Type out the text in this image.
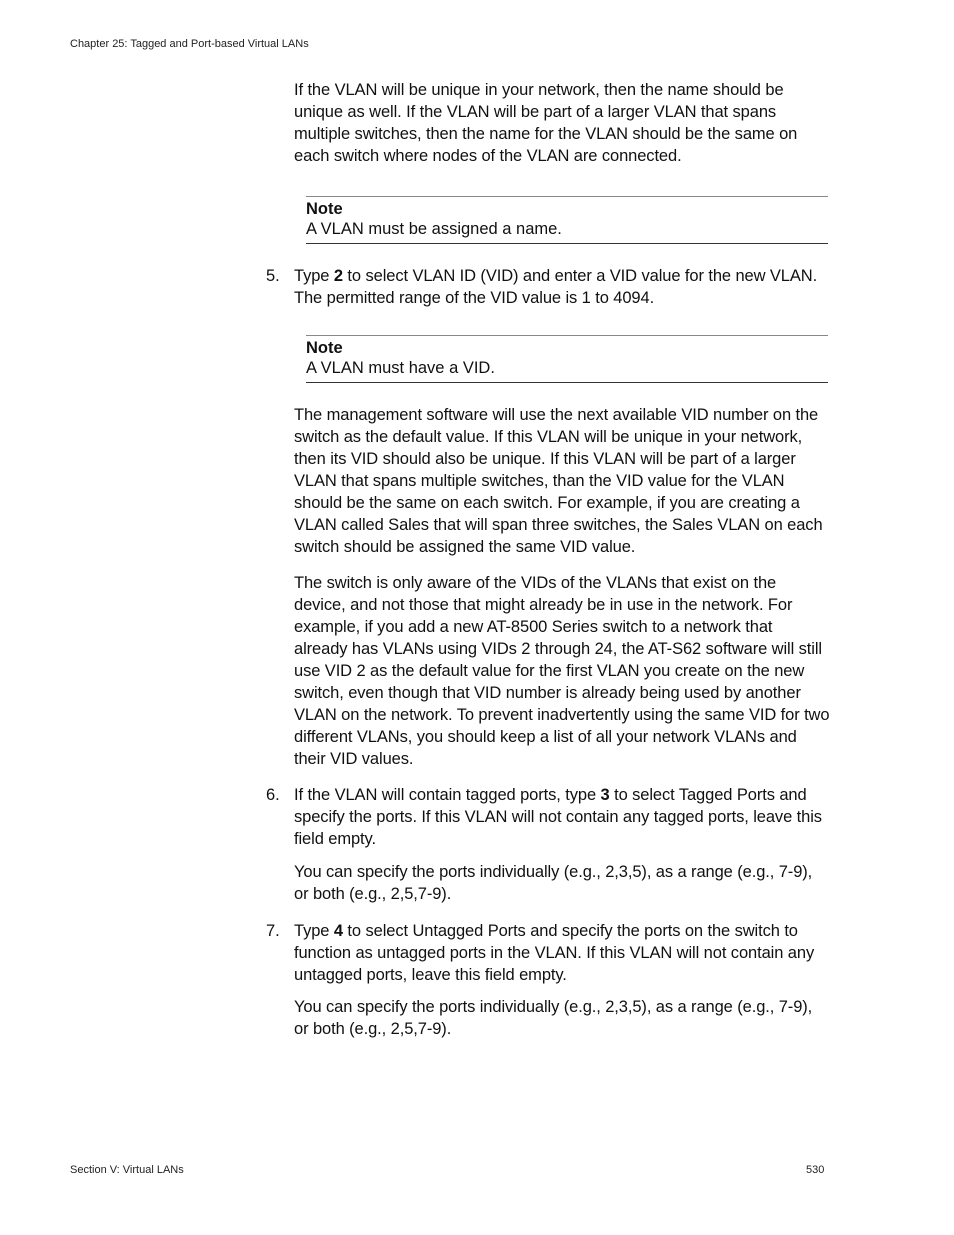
Chapter 25: Tagged and Port-based Virtual LANs

If the VLAN will be unique in your network, then the name should be unique as well. If the VLAN will be part of a larger VLAN that spans multiple switches, then the name for the VLAN should be the same on each switch where nodes of the VLAN are connected.

Note
A VLAN must be assigned a name.
5. Type 2 to select VLAN ID (VID) and enter a VID value for the new VLAN. The permitted range of the VID value is 1 to 4094.

Note
A VLAN must have a VID.

The management software will use the next available VID number on the switch as the default value. If this VLAN will be unique in your network, then its VID should also be unique. If this VLAN will be part of a larger VLAN that spans multiple switches, than the VID value for the VLAN should be the same on each switch. For example, if you are creating a VLAN called Sales that will span three switches, the Sales VLAN on each switch should be assigned the same VID value.

The switch is only aware of the VIDs of the VLANs that exist on the device, and not those that might already be in use in the network. For example, if you add a new AT-8500 Series switch to a network that already has VLANs using VIDs 2 through 24, the AT-S62 software will still use VID 2 as the default value for the first VLAN you create on the new switch, even though that VID number is already being used by another VLAN on the network. To prevent inadvertently using the same VID for two different VLANs, you should keep a list of all your network VLANs and their VID values.

6. If the VLAN will contain tagged ports, type 3 to select Tagged Ports and specify the ports. If this VLAN will not contain any tagged ports, leave this field empty.

You can specify the ports individually (e.g., 2,3,5), as a range (e.g., 7-9), or both (e.g., 2,5,7-9).

7. Type 4 to select Untagged Ports and specify the ports on the switch to function as untagged ports in the VLAN. If this VLAN will not contain any untagged ports, leave this field empty.

You can specify the ports individually (e.g., 2,3,5), as a range (e.g., 7-9), or both (e.g., 2,5,7-9).

Section V: Virtual LANs	530
